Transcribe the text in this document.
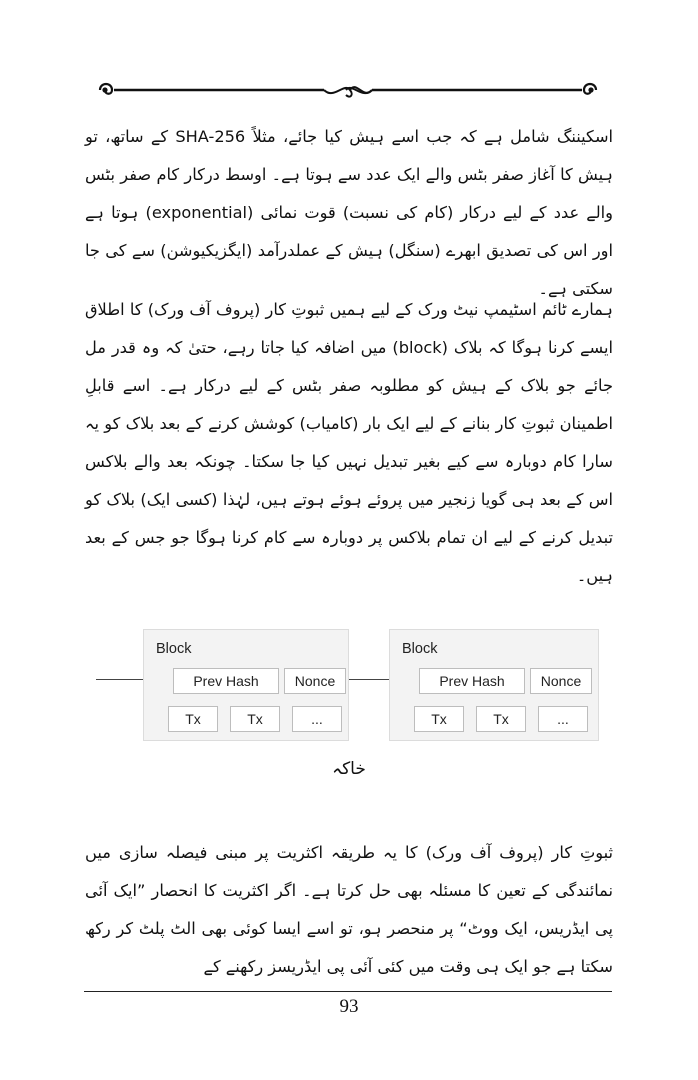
اسکیننگ شامل ہے کہ جب اسے ہیش کیا جائے، مثلاً SHA-256 کے ساتھ، تو ہیش کا آغاز صفر بٹس والے ایک عدد سے ہوتا ہے۔ اوسط درکار کام صفر بٹس والے عدد کے لیے درکار (کام کی نسبت) قوت نمائی (exponential) ہوتا ہے اور اس کی تصدیق ابھرے (سنگل) ہیش کے عملدرآمد (ایگزیکیوشن) سے کی جا سکتی ہے۔

ہمارے ٹائم اسٹیمپ نیٹ ورک کے لیے ہمیں ثبوتِ کار (پروف آف ورک) کا اطلاق ایسے کرنا ہوگا کہ بلاک (block) میں اضافہ کیا جاتا رہے، حتیٰ کہ وہ قدر مل جائے جو بلاک کے ہیش کو مطلوبہ صفر بٹس کے لیے درکار ہے۔ اسے قابلِ اطمینان ثبوتِ کار بنانے کے لیے ایک بار (کامیاب) کوشش کرنے کے بعد بلاک کو یہ سارا کام دوبارہ سے کیے بغیر تبدیل نہیں کیا جا سکتا۔ چونکہ بعد والے بلاکس اس کے بعد ہی گویا زنجیر میں پروئے ہوئے ہوتے ہیں، لہٰذا (کسی ایک) بلاک کو تبدیل کرنے کے لیے ان تمام بلاکس پر دوبارہ سے کام کرنا ہوگا جو جس کے بعد ہیں۔

Block
Prev Hash	Nonce
Tx	Tx	...
Block
Prev Hash	Nonce
Tx	Tx	...
خاکہ

ثبوتِ کار (پروف آف ورک) کا یہ طریقہ اکثریت پر مبنی فیصلہ سازی میں نمائندگی کے تعین کا مسئلہ بھی حل کرتا ہے۔ اگر اکثریت کا انحصار ”ایک آئی پی ایڈریس، ایک ووٹ“ پر منحصر ہو، تو اسے ایسا کوئی بھی الٹ پلٹ کر رکھ سکتا ہے جو ایک ہی وقت میں کئی آئی پی ایڈریسز رکھنے کے

93
